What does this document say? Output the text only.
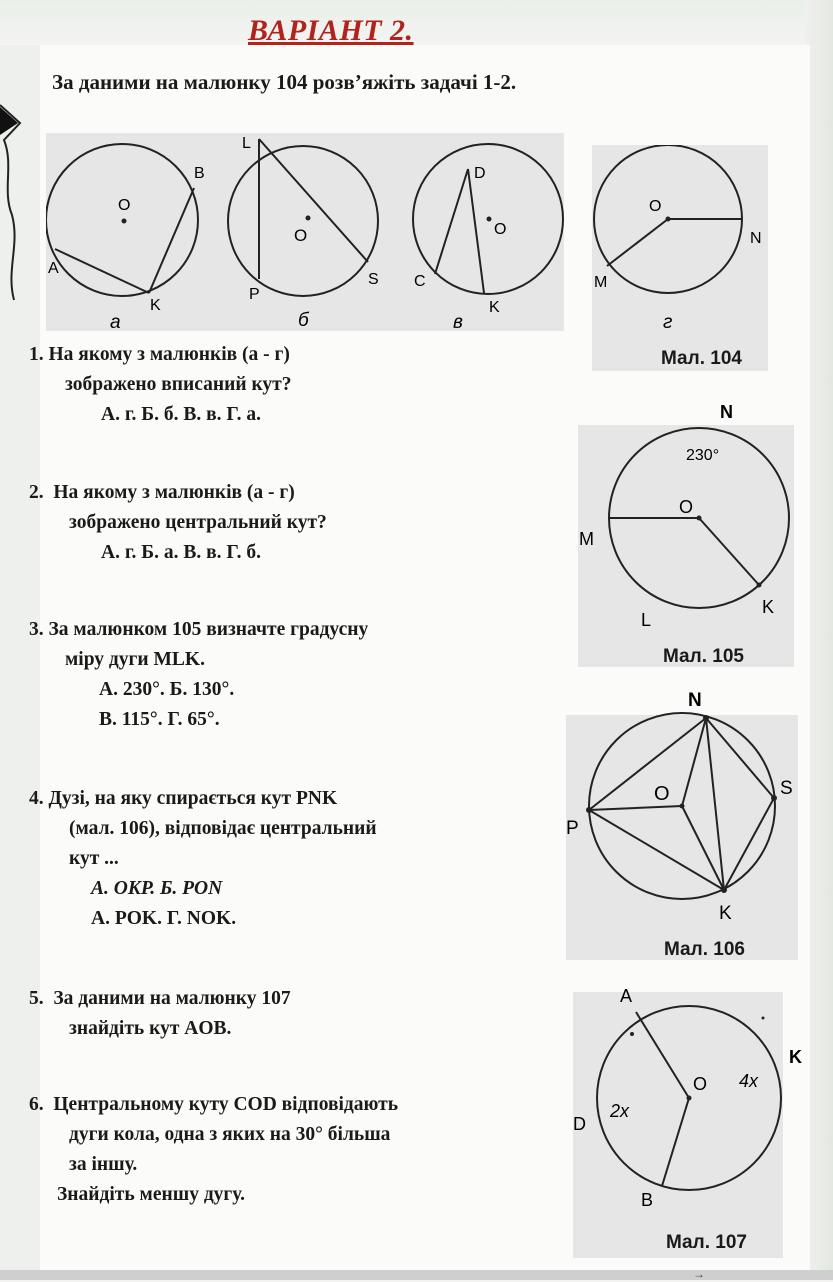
ВАРІАНТ 2.
За даними на малюнку 104 розв’яжіть задачі 1-2.
O
B
A
K
а
L
O
P
S
б
D
O
C
K
в
O
N
M
г
Мал. 104
N
230°
O
M
L
K
Мал. 105
N
O	S
P
K
Мал. 106
A
K
O 4x
2x
D
B
Мал. 107
1. На якому з малюнків (а - г)
зображено вписаний кут?
А. г. Б. б. В. в. Г. а.
2. На якому з малюнків (а - г)
зображено центральний кут?
А. г. Б. а. В. в. Г. б.
3. За малюнком 105 визначте градусну
міру дуги MLK.
А. 230°. Б. 130°.
В. 115°. Г. 65°.
4. Дузі, на яку спирається кут PNK
(мал. 106), відповідає центральний
кут ...
А. OKP. Б. PON
А. POK. Г. NOK.
5. За даними на малюнку 107
знайдіть кут AOB.
6. Центральному куту COD відповідають
дуги кола, одна з яких на 30° більша
за іншу.
Знайдіть меншу дугу.
→
